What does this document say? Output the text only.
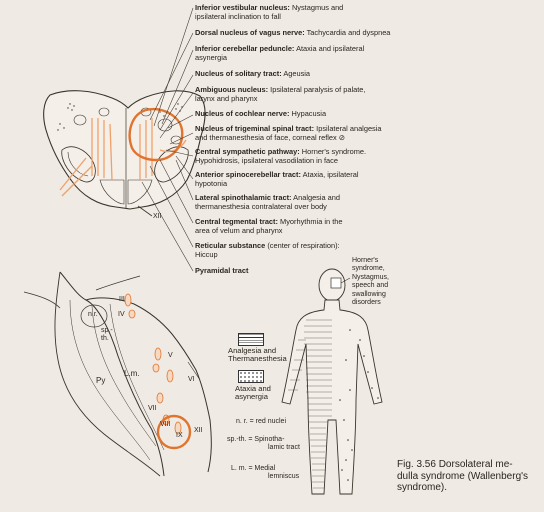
Inferior vestibular nucleus: Nystagmus and
ipsilateral inclination to fall
Dorsal nucleus of vagus nerve: Tachycardia and dyspnea
Inferior cerebellar peduncle: Ataxia and ipsilateral
asynergia
Nucleus of solitary tract: Ageusia
Ambiguous nucleus: Ipsilateral paralysis of palate,
larynx and pharynx
Nucleus of cochlear nerve: Hypacusia
Nucleus of trigeminal spinal tract: Ipsilateral analgesia
and thermanesthesia of face, corneal reflex ⊘
Central sympathetic pathway: Horner's syndrome.
Hypohidrosis, ipsilateral vasodilation in face
Anterior spinocerebellar tract: Ataxia, ipsilateral
hypotonia
Lateral spinothalamic tract: Analgesia and
thermanesthesia contralateral over body
Central tegmental tract: Myorhythmia in the
area of velum and pharynx
Reticular substance (center of respiration):
Hiccup
Pyramidal tract
XII
n.r.
III
IV
sp.-
th.
V
VI
VII
VIII
IX
XII
Py
L.m.
Analgesia and
Thermanesthesia
Ataxia and
asynergia
n. r. = red nuclei
sp.-th. = Spinotha-
lamic tract
L. m. = Medial
lemniscus
Horner's
syndrome,
Nystagmus,
speech and
swallowing
disorders
Fig. 3.56 Dorsolateral me-
dulla syndrome (Wallenberg's
syndrome).
